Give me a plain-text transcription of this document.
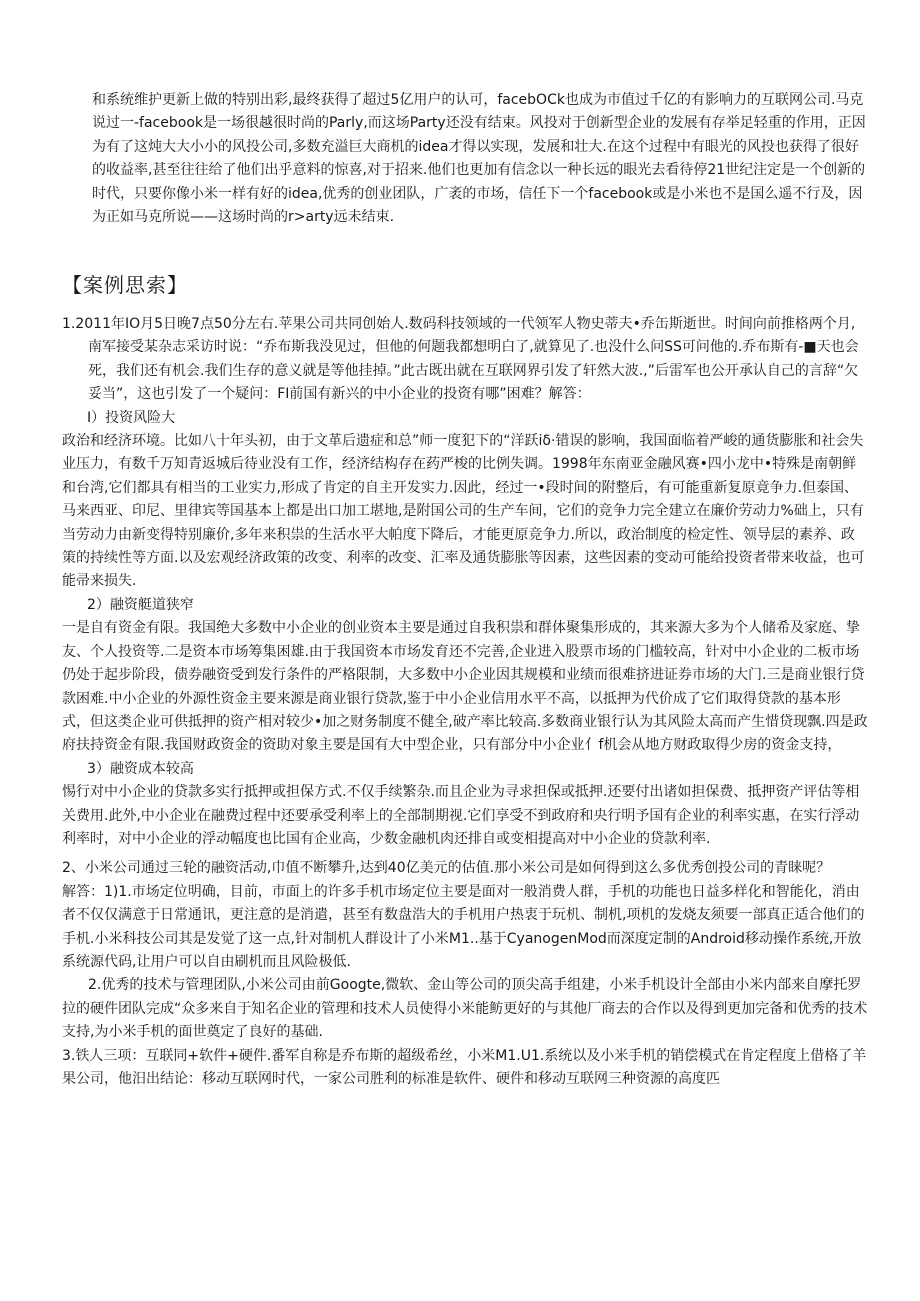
和系统维护更新上做的特别出彩,最终获得了超过5亿用户的认可，facebOCk也成为市值过千亿的有影响力的互联网公司.马克说过一-facebook是一场很越很时尚的Parly,而这场Party还没有结束。风投对于创新型企业的发展有存举足轻重的作用，正因为有了这炖大大小小的风投公司,多数充溢巨大商机的idea才得以实现，发展和壮大.在这个过程中有眼光的风投也获得了很好的收益率,甚至往往给了他们出乎意料的惊喜,对于招来.他们也更加有信念以一种长远的眼光去看待停21世纪注定是一个创新的时代，只要你像小米一样有好的idea,优秀的创业团队，广袤的市场，信任下一个facebook或是小米也不是国么遥不行及，因为正如马克所说——这场时尚的r>arty远未结束.

【案例思索】

1.2011年IO月5日晚7点50分左右.苹果公司共同创始人.数码科技领域的一代领军人物史蒂夫•乔缶斯逝世。时间向前推格两个月,南军接受某杂志采访时说：“乔布斯我没见过，但他的何题我都想明白了,就算见了.也没什么问SS可问他的.乔布斯有-■天也会死，我们还有机会.我们生存的意义就是等他挂掉。”此古既出就在互联网界引发了轩然大波.,”后雷军也公开承认自己的言辞“欠妥当”，这也引发了一个疑问：FI前国有新兴的中小企业的投资有哪”困难？解答：

I）投资风险大

政治和经济环境。比如八十年头初，由于文革后遗症和总”师一度犯下的“洋跃iδ·错误的影响，我国面临着严峻的通货膨胀和社会失业压力，有数千万知青返城后待业没有工作，经济结构存在药严梭的比例失调。1998年东南亚金融风赛•四小龙中•特殊是南朝鲜和台湾,它们都具有相当的工业实力,形成了肯定的自主开发实力.因此，经过一•段时间的附整后，有可能重新复原竟争力.但泰国、马来西亚、印尼、里律宾等国基本上都是出口加工堪地,是附国公司的生产车间，它们的竞争力完全建立在廉价劳动力%础上，只有当劳动力由新变得特别廉价,多年来积祟的生活水平大帕度下降后，才能更原竞争力.所以，政治制度的检定性、领导层的素养、政策的持续性等方面.以及宏观经济政策的改变、利率的改变、汇率及通货膨胀等因素，这些因素的变动可能给投资者带来收益，也可能帚来损失.

2）融资艇道狭窄

一是自有资金有限。我国绝大多数中小企业的创业资本主要是通过自我积祟和群体聚集形成的，其来源大多为个人储希及家庭、挚友、个人投资等.二是资本市场筹集困雄.由于我国资本市场发育还不完善,企业进入股票市场的门槛较高，针对中小企业的二板市场仍处于起步阶段，债券融资受到发行条件的严格限制，大多数中小企业因其规模和业绩而很难挤进证券市场的大门.三是商业银行贷款困难.中小企业的外源性资金主要来源是商业银行贷款,鉴于中小企业信用水平不高，以抵押为代价成了它们取得贷款的基本形式，但这类企业可供抵押的资产相对较少•加之财务制度不健全,破产率比较高.多数商业银行认为其风险太高而产生惜贷现飘.四是政府扶持资金有限.我国财政资金的资助对象主要是国有大中型企业，只有部分中小企业亻f机会从地方财政取得少房的资金支持，

3）融资成本较高

惕行对中小企业的贷款多实行抵押或担保方式.不仅手续繁杂.而且企业为寻求担保或抵押.还要付出诸如担保费、抵押资产评估等相关费用.此外,中小企业在融费过程中还要承受利率上的全部制期视.它们享受不到政府和央行明予国有企业的利率实惠，在实行浮动利率时，对中小企业的浮动幅度也比国有企业高，少数金融机肉还排自或变相提高对中小企业的贷款利率.

2、小米公司通过三轮的融资活动,巾值不断攀升,达到40亿美元的估值.那小米公司是如何得到这么多优秀创投公司的青睐呢？

解答：1)1.市场定位明确，目前，市面上的许多手机市场定位主要是面对一般消费人群，手机的功能也日益多样化和智能化，消由者不仅仅满意于日常通讯，更注意的是消遣，甚至有数盘浩大的手机用户热衷于玩机、制机,项机的发烧友须要一部真正适合他们的手机.小米科技公司其是发觉了这一点,针对制机人群设计了小米M1..基于CyanogenMod而深度定制的Android移动操作系统,开放系统源代码,让用户可以自由刷机而且风险极低.

2.优秀的技术与管理团队,小米公司由前Googte,微软、金山等公司的顶尖高手组建，小米手机设计全部由小米内部来自摩托罗拉的硬件团队完成“众多来自于知名企业的管理和技术人员使得小米能鲂更好的与其他厂商去的合作以及得到更加完备和优秀的技术支持,为小米手机的面世奠定了良好的基础.

3.铁人三项：互联同+软件+硬件.番军自称是乔布斯的超级希丝，小米M1.U1.系统以及小米手机的销偿模式在肯定程度上借格了羊果公司，他汨出结论：移动互联网时代，一家公司胜利的标准是软件、硬件和移动互联网三种资源的高度匹
